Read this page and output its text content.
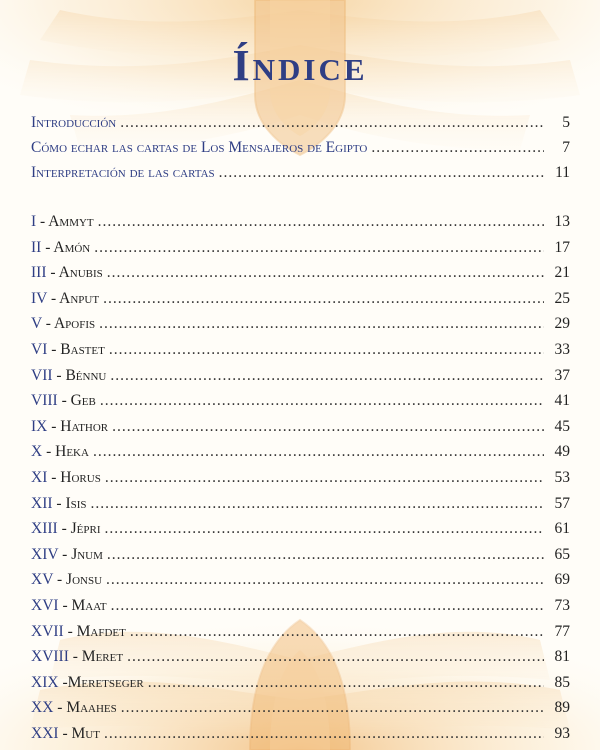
Índice
Introducción .....	5
Cómo echar las cartas de Los Mensajeros de Egipto .....	7
Interpretación de las cartas .....	11
I - Ammyt .....	13
II - Amón .....	17
III - Anubis .....	21
IV - Anput .....	25
V - Apofis .....	29
VI - Bastet .....	33
VII - Bénnu .....	37
VIII - Geb .....	41
IX - Hathor .....	45
X - Heka .....	49
XI - Horus .....	53
XII - Isis .....	57
XIII - Jépri .....	61
XIV - Jnum .....	65
XV - Jonsu .....	69
XVI - Maat .....	73
XVII - Mafdet .....	77
XVIII - Meret .....	81
XIX -Meretseger .....	85
XX - Maahes .....	89
XXI - Mut .....	93
